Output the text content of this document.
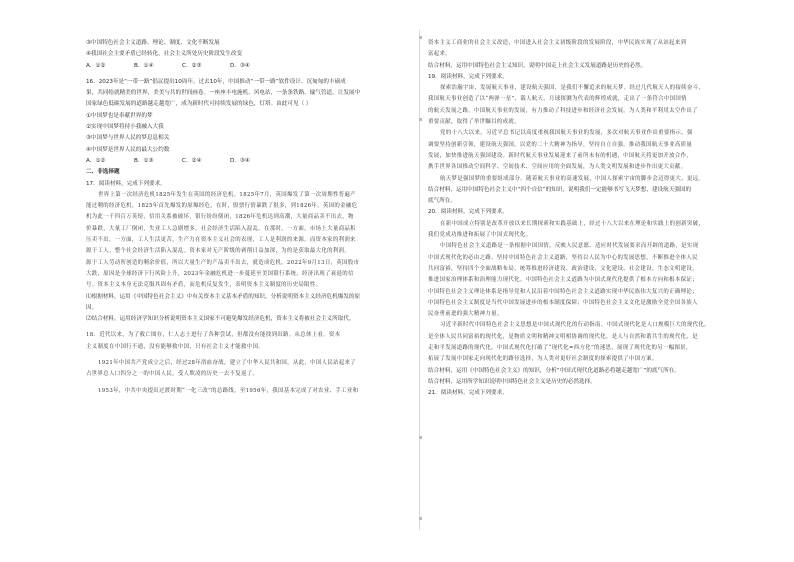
③中国特色社会主义道路、理论、制度、文化不断发展
④我国社会主要矛盾已经转化，社会主义所处历史阶段发生改变
A．①②	B．①④	C．②③	D．③④
16．2023年是“一带一路”倡议提出10周年。过去10年，中国推动“一带一路”软件设计、沉甸甸的丰硕成
果，共同绘就精美的世界，美美与共的世间画卷。一座座丰电施机、风电站，一条条铁路、输气管道，让发展中
国家绿色低碳发展的道路越走越宽广，成为新时代可持续发展的绿色，灯塔。由此可见（ ）
①中国梦也是奉献世界的梦
②实现中国梦将持小我融入大我
③中国梦与世界人民的梦息息相关
④中国梦是世界人民的最大公约数
A．①②	B．①③	C．②④	D．③④
二、非选择题
17．阅读材料，完成下列要求。
世界上第一次经济危机1825年发生在英国的经济危机。1825年7月，英国爆发了第一次周期性普遍产
能过剩的经济危机。1825年首先爆发的原爆经危，在时，股票行情暴跌了很多，到1826年，英国的金融危
机为此一千四百万英镑，信用关系被破坏，银行纷纷倒闭，1826年危机达到高潮，大量商品卖不出去，物
价暴跌，大量工厂倒闭，失业工人急剧增多，社会经济生活陷入混乱。在那时，一方面，市场上大量商品积
压卖不出，一方面，工人生活更苦，生产力在资本主义社会的表现，工人是利润的来源，而资本家的利润来
源于工人。整个社会经济生活陷入混乱。资本家对无产阶级的剥削日益加深，为的是获取最大化的利润。
源于工人劳动所创造的剩余价值，所以大量生产的产品卖不出去，就造成危机。2022年9月13日，英国股市
大跌，原因是全球经济下行风险上升，2023年金融危机进一步蔓延至美国银行系统，经济出现了衰退的信
号。资本主义本身无法克服其固有矛盾，而危机反复发生，表明资本主义制度的历史局限性。
⑴根据材料，运用《中国特色社会主义》中有关资本主义基本矛盾的知识，分析说明资本主义经济危机爆发的原
因。
⑵结合材料，运用经济学知识分析说明资本主义国家不可避免爆发经济危机，资本主义将被社会主义所取代。
18．近代以来，为了救亡图存，仁人志士进行了各种尝试，但都没有能找到出路。从总体上看，资本
主义制度在中国行不通，没有能够救中国，只有社会主义才能救中国。
1921年中国共产党成立之后，经过28年浴血奋战，建立了中华人民共和国，从此，中国人民站起来了
占世界总人口四分之一的中国人民，受人欺凌的历史一去不复返了。
1953年，中共中央提出过渡时期“一化三改”的总路线，至1956年，我国基本完成了对农业、手工业和
资本主义工商业的社会主义改造，中国进入社会主义初级阶段的发展阶段，中华民族实现了从站起来到
富起来。
结合材料，运用中国特色社会主义知识，说明中国走上社会主义发展道路是历史的必然。
19．阅读材料，完成下列要求。
探索浩瀚宇宙，发展航天事业，建设航天强国，是我们不懈追求的航天梦。经过几代航天人的接续奋斗，
我国航天事业创造了以“两弹一星”、载人航天、月球探测为代表的辉煌成就，走出了一条符合中国国情
的航天发展之路。中国航天事业的发展，有力推动了科技进步和经济社会发展，为人类和平利用太空作出了
重要贡献，取得了举世瞩目的成就。
党的十八大以来，习近平总书记以高度重视我国航天事业的发展，多次对航天事业作出重要指示，强
调要坚持创新引领，建设航天强国，以党的二十大精神为指导，坚持自立自强，推动我国航天事业高质量
发展，加快推进航天强国建设。新时代航天事业发展迎来了前所未有的机遇，中国航天将更加开放合作，
携手世界各国推动空间科学、空间技术、空间应用的全面发展，为人类文明发展和进步作出更大贡献。
航天梦是强国梦的重要组成部分。随着航天事业的高速发展，中国人探索宇宙的脚步会迈得更大、更远。
结合材料，运用中国特色社会主义中“四个自信”的知识，说明我们一定能够书写飞天梦想，建设航天强国的
底气所在。
20．阅读材料，完成下列要求。
在新中国成立特别是改革开放以来长期探索和实践基础上，经过十八大以来在理论和实践上的创新突破，
我们党成功推进和拓展了中国式现代化。
中国特色社会主义道路是一条根据中国国情，反映人民意愿、适应时代发展要求而开辟的道路，是实现
中国式现代化的必由之路。坚持中国特色社会主义道路，坚持以人民为中心的发展思想，不断推进全体人民
共同富裕，坚持四个全面战略布局，统筹推进经济建设、政治建设、文化建设、社会建设、生态文明建设，
推进国家治理体系和治理能力现代化。中国特色社会主义道路为中国式现代化提供了根本方向和根本保证；
中国特色社会主义理论体系是指导党和人民沿着中国特色社会主义道路实现中华民族伟大复兴的正确理论；
中国特色社会主义制度是当代中国发展进步的根本制度保障；中国特色社会主义文化是激励全党全国各族人
民奋勇前进的强大精神力量。
习近平新时代中国特色社会主义思想是中国式现代化的行动指南。中国式现代化是人口规模巨大的现代化，
是全体人民共同富裕的现代化，是物质文明和精神文明相协调的现代化，是人与自然和谐共生的现代化，是
走和平发展道路的现代化。中国式现代化打破了“现代化=西方化”的迷思，展现了现代化的另一幅图景，
拓展了发展中国家走向现代化的路径选择，为人类对更好社会制度的探索提供了中国方案。
结合材料，运用《中国特色社会主义》的知识，分析“中国式现代化道路必将越走越宽广”的底气所在。
结合材料，运用所学知识说明中国特色社会主义是历史的必然选择。
21．阅读材料，完成下列要求。
